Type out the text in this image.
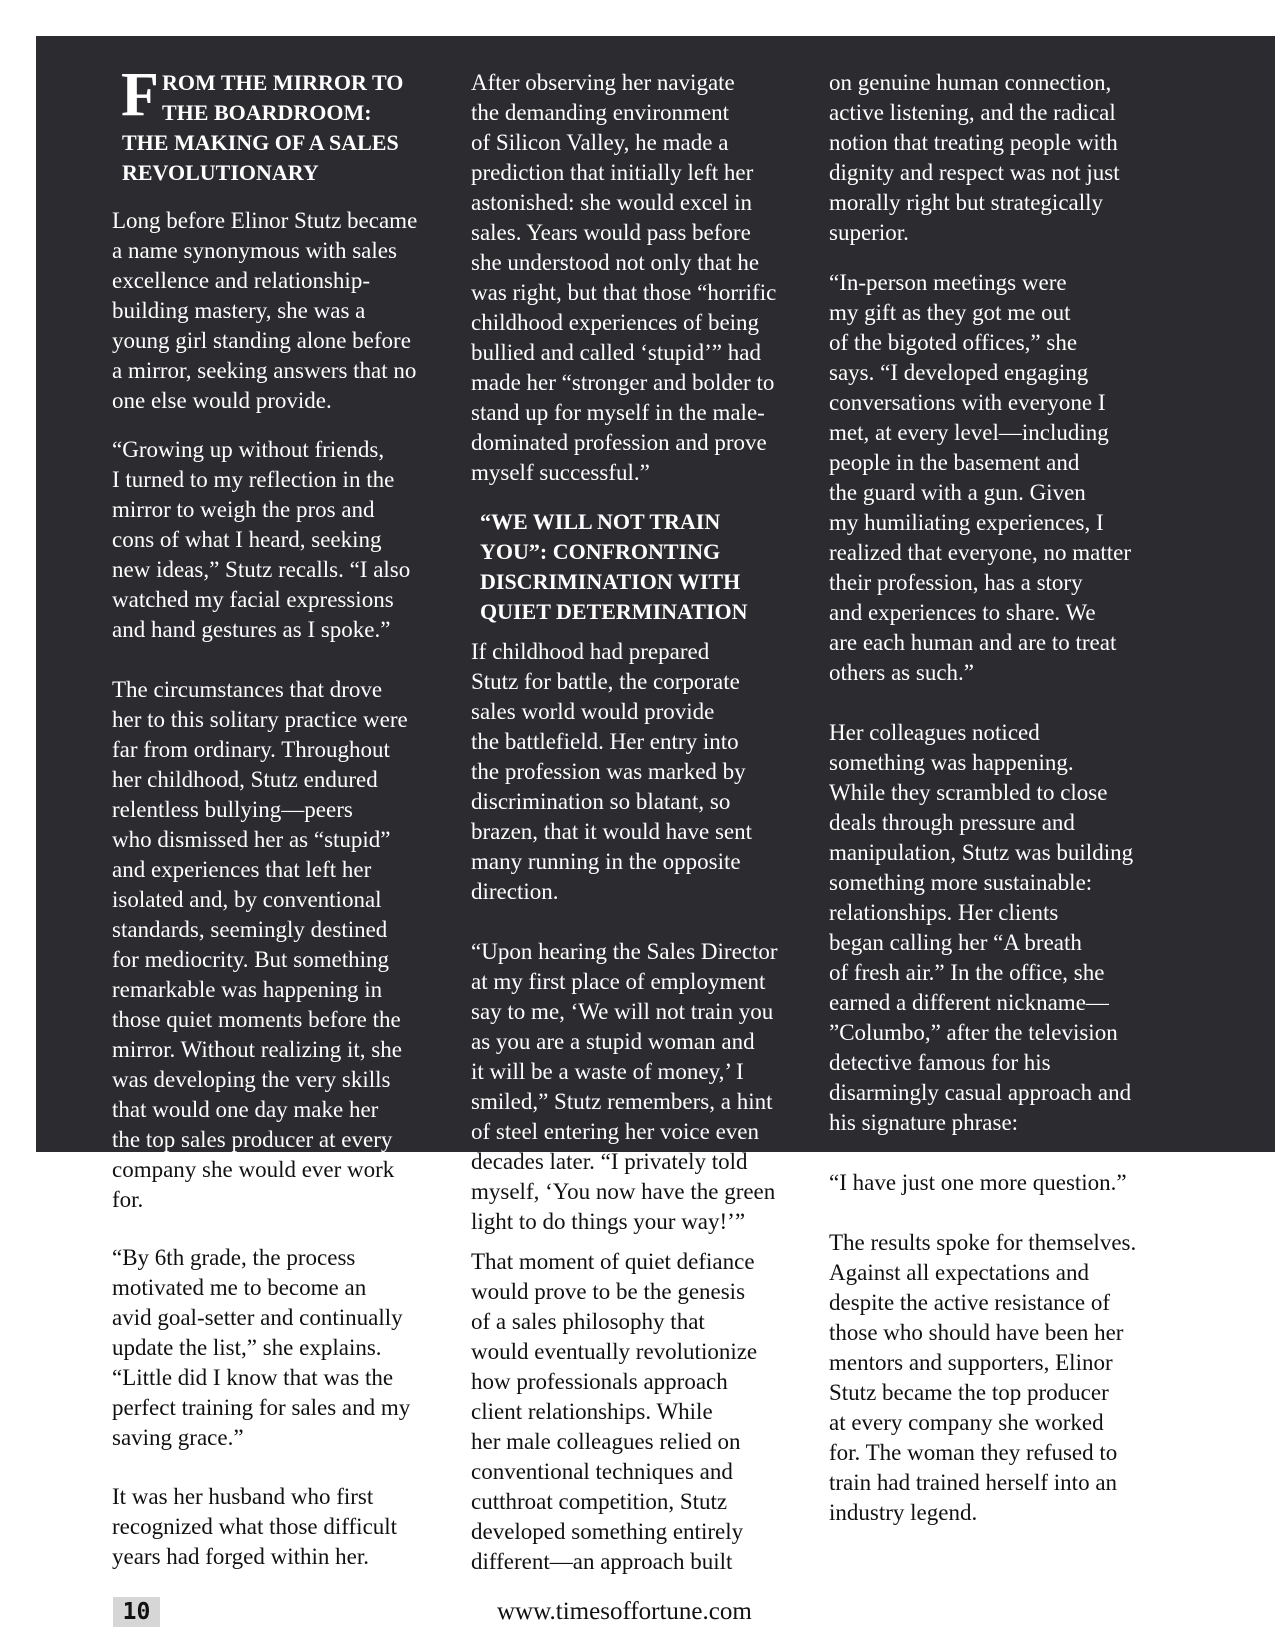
F ROM THE MIRROR TO
THE BOARDROOM:
THE MAKING OF A SALES
REVOLUTIONARY
Long before Elinor Stutz became
a name synonymous with sales
excellence and relationship-
building mastery, she was a
young girl standing alone before
a mirror, seeking answers that no
one else would provide.
“Growing up without friends,
I turned to my reflection in the
mirror to weigh the pros and
cons of what I heard, seeking
new ideas,” Stutz recalls. “I also
watched my facial expressions
and hand gestures as I spoke.”
The circumstances that drove
her to this solitary practice were
far from ordinary. Throughout
her childhood, Stutz endured
relentless bullying—peers
who dismissed her as “stupid”
and experiences that left her
isolated and, by conventional
standards, seemingly destined
for mediocrity. But something
remarkable was happening in
those quiet moments before the
mirror. Without realizing it, she
was developing the very skills
that would one day make her
the top sales producer at every
company she would ever work
for.
“By 6th grade, the process
motivated me to become an
avid goal-setter and continually
update the list,” she explains.
“Little did I know that was the
perfect training for sales and my
saving grace.”
It was her husband who first
recognized what those difficult
years had forged within her.
After observing her navigate
the demanding environment
of Silicon Valley, he made a
prediction that initially left her
astonished: she would excel in
sales. Years would pass before
she understood not only that he
was right, but that those “horrific
childhood experiences of being
bullied and called ‘stupid’” had
made her “stronger and bolder to
stand up for myself in the male-
dominated profession and prove
myself successful.”
“WE WILL NOT TRAIN
YOU”: CONFRONTING
DISCRIMINATION WITH
QUIET DETERMINATION
If childhood had prepared
Stutz for battle, the corporate
sales world would provide
the battlefield. Her entry into
the profession was marked by
discrimination so blatant, so
brazen, that it would have sent
many running in the opposite
direction.
“Upon hearing the Sales Director
at my first place of employment
say to me, ‘We will not train you
as you are a stupid woman and
it will be a waste of money,’ I
smiled,” Stutz remembers, a hint
of steel entering her voice even
decades later. “I privately told
myself, ‘You now have the green
light to do things your way!’”
That moment of quiet defiance
would prove to be the genesis
of a sales philosophy that
would eventually revolutionize
how professionals approach
client relationships. While
her male colleagues relied on
conventional techniques and
cutthroat competition, Stutz
developed something entirely
different—an approach built
on genuine human connection,
active listening, and the radical
notion that treating people with
dignity and respect was not just
morally right but strategically
superior.
“In-person meetings were
my gift as they got me out
of the bigoted offices,” she
says. “I developed engaging
conversations with everyone I
met, at every level—including
people in the basement and
the guard with a gun. Given
my humiliating experiences, I
realized that everyone, no matter
their profession, has a story
and experiences to share. We
are each human and are to treat
others as such.”
Her colleagues noticed
something was happening.
While they scrambled to close
deals through pressure and
manipulation, Stutz was building
something more sustainable:
relationships. Her clients
began calling her “A breath
of fresh air.” In the office, she
earned a different nickname—
”Columbo,” after the television
detective famous for his
disarmingly casual approach and
his signature phrase:
“I have just one more question.”
The results spoke for themselves.
Against all expectations and
despite the active resistance of
those who should have been her
mentors and supporters, Elinor
Stutz became the top producer
at every company she worked
for. The woman they refused to
train had trained herself into an
industry legend.
10	www.timesoffortune.com
